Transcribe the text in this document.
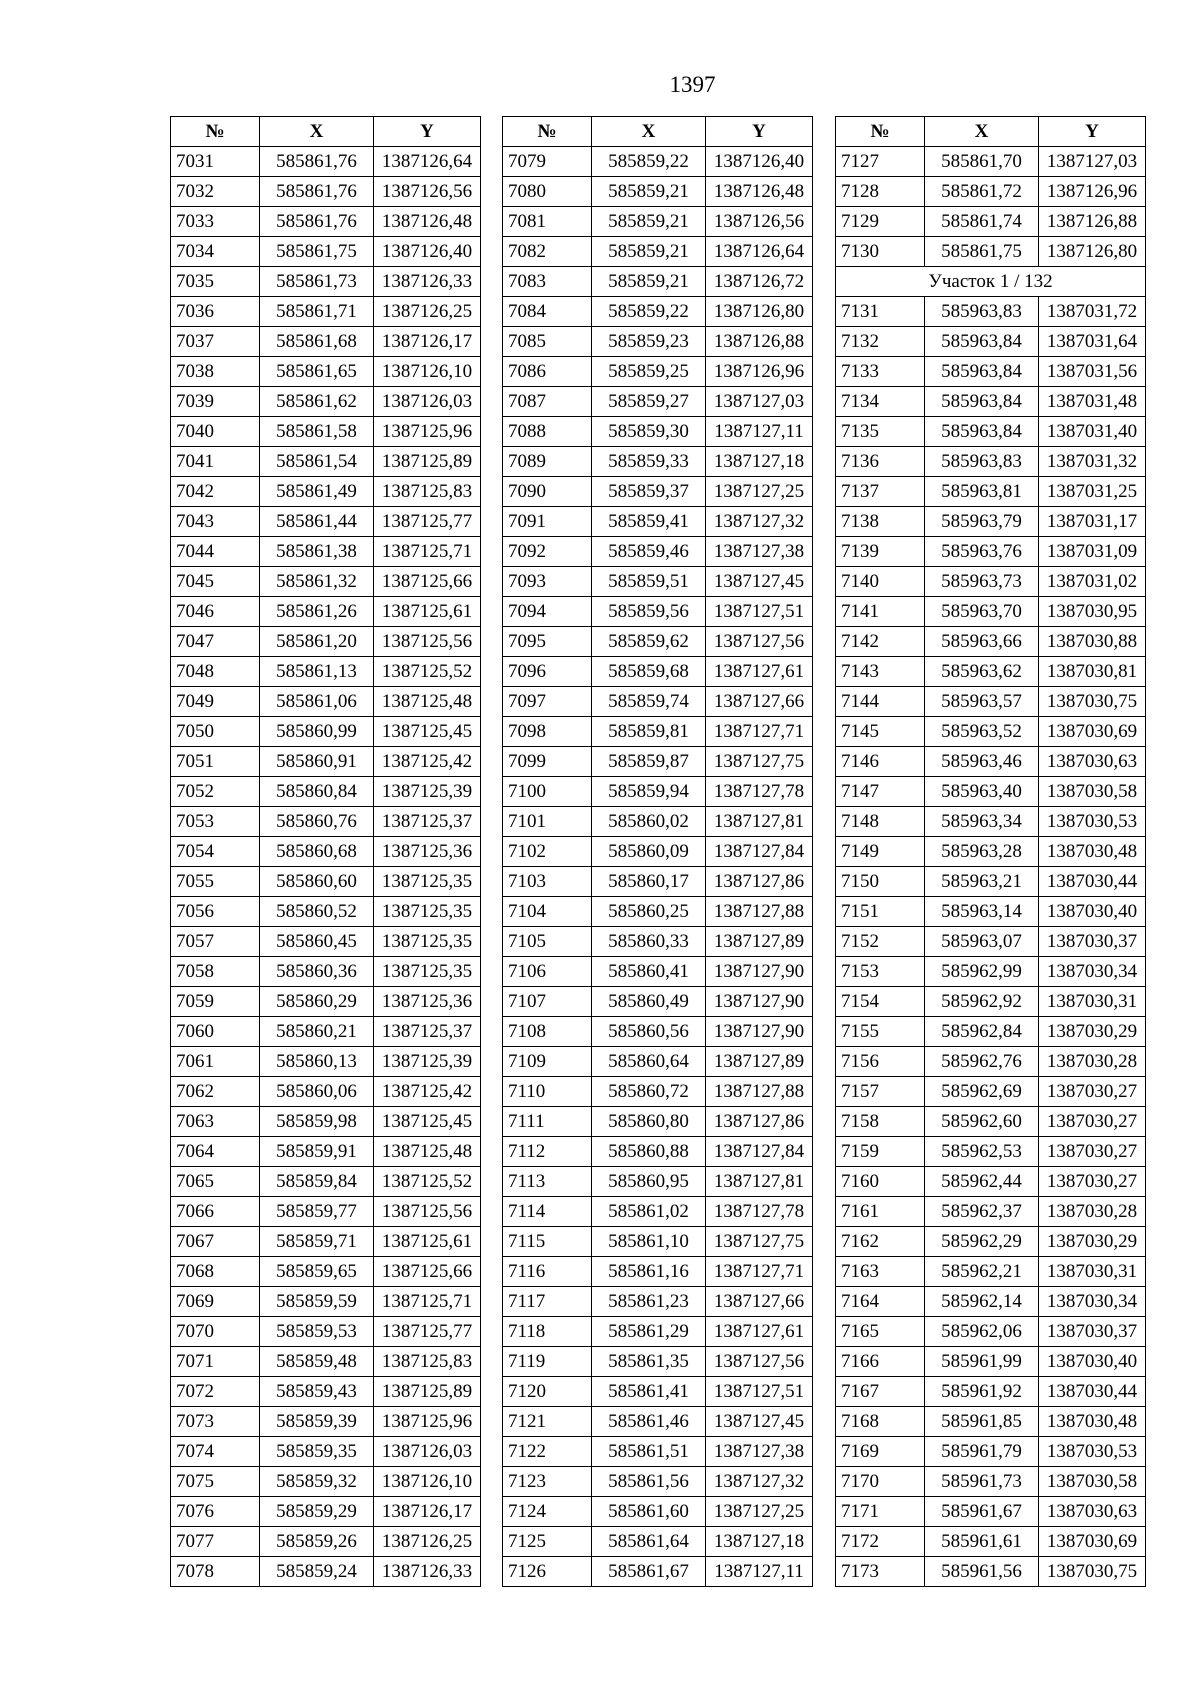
1397
№	X	Y
7031	585861,76	1387126,64
7032	585861,76	1387126,56
7033	585861,76	1387126,48
7034	585861,75	1387126,40
7035	585861,73	1387126,33
7036	585861,71	1387126,25
7037	585861,68	1387126,17
7038	585861,65	1387126,10
7039	585861,62	1387126,03
7040	585861,58	1387125,96
7041	585861,54	1387125,89
7042	585861,49	1387125,83
7043	585861,44	1387125,77
7044	585861,38	1387125,71
7045	585861,32	1387125,66
7046	585861,26	1387125,61
7047	585861,20	1387125,56
7048	585861,13	1387125,52
7049	585861,06	1387125,48
7050	585860,99	1387125,45
7051	585860,91	1387125,42
7052	585860,84	1387125,39
7053	585860,76	1387125,37
7054	585860,68	1387125,36
7055	585860,60	1387125,35
7056	585860,52	1387125,35
7057	585860,45	1387125,35
7058	585860,36	1387125,35
7059	585860,29	1387125,36
7060	585860,21	1387125,37
7061	585860,13	1387125,39
7062	585860,06	1387125,42
7063	585859,98	1387125,45
7064	585859,91	1387125,48
7065	585859,84	1387125,52
7066	585859,77	1387125,56
7067	585859,71	1387125,61
7068	585859,65	1387125,66
7069	585859,59	1387125,71
7070	585859,53	1387125,77
7071	585859,48	1387125,83
7072	585859,43	1387125,89
7073	585859,39	1387125,96
7074	585859,35	1387126,03
7075	585859,32	1387126,10
7076	585859,29	1387126,17
7077	585859,26	1387126,25
7078	585859,24	1387126,33
№	X	Y
7079	585859,22	1387126,40
7080	585859,21	1387126,48
7081	585859,21	1387126,56
7082	585859,21	1387126,64
7083	585859,21	1387126,72
7084	585859,22	1387126,80
7085	585859,23	1387126,88
7086	585859,25	1387126,96
7087	585859,27	1387127,03
7088	585859,30	1387127,11
7089	585859,33	1387127,18
7090	585859,37	1387127,25
7091	585859,41	1387127,32
7092	585859,46	1387127,38
7093	585859,51	1387127,45
7094	585859,56	1387127,51
7095	585859,62	1387127,56
7096	585859,68	1387127,61
7097	585859,74	1387127,66
7098	585859,81	1387127,71
7099	585859,87	1387127,75
7100	585859,94	1387127,78
7101	585860,02	1387127,81
7102	585860,09	1387127,84
7103	585860,17	1387127,86
7104	585860,25	1387127,88
7105	585860,33	1387127,89
7106	585860,41	1387127,90
7107	585860,49	1387127,90
7108	585860,56	1387127,90
7109	585860,64	1387127,89
7110	585860,72	1387127,88
7111	585860,80	1387127,86
7112	585860,88	1387127,84
7113	585860,95	1387127,81
7114	585861,02	1387127,78
7115	585861,10	1387127,75
7116	585861,16	1387127,71
7117	585861,23	1387127,66
7118	585861,29	1387127,61
7119	585861,35	1387127,56
7120	585861,41	1387127,51
7121	585861,46	1387127,45
7122	585861,51	1387127,38
7123	585861,56	1387127,32
7124	585861,60	1387127,25
7125	585861,64	1387127,18
7126	585861,67	1387127,11
№	X	Y
7127	585861,70	1387127,03
7128	585861,72	1387126,96
7129	585861,74	1387126,88
7130	585861,75	1387126,80
Участок 1 / 132		
7131	585963,83	1387031,72
7132	585963,84	1387031,64
7133	585963,84	1387031,56
7134	585963,84	1387031,48
7135	585963,84	1387031,40
7136	585963,83	1387031,32
7137	585963,81	1387031,25
7138	585963,79	1387031,17
7139	585963,76	1387031,09
7140	585963,73	1387031,02
7141	585963,70	1387030,95
7142	585963,66	1387030,88
7143	585963,62	1387030,81
7144	585963,57	1387030,75
7145	585963,52	1387030,69
7146	585963,46	1387030,63
7147	585963,40	1387030,58
7148	585963,34	1387030,53
7149	585963,28	1387030,48
7150	585963,21	1387030,44
7151	585963,14	1387030,40
7152	585963,07	1387030,37
7153	585962,99	1387030,34
7154	585962,92	1387030,31
7155	585962,84	1387030,29
7156	585962,76	1387030,28
7157	585962,69	1387030,27
7158	585962,60	1387030,27
7159	585962,53	1387030,27
7160	585962,44	1387030,27
7161	585962,37	1387030,28
7162	585962,29	1387030,29
7163	585962,21	1387030,31
7164	585962,14	1387030,34
7165	585962,06	1387030,37
7166	585961,99	1387030,40
7167	585961,92	1387030,44
7168	585961,85	1387030,48
7169	585961,79	1387030,53
7170	585961,73	1387030,58
7171	585961,67	1387030,63
7172	585961,61	1387030,69
7173	585961,56	1387030,75
